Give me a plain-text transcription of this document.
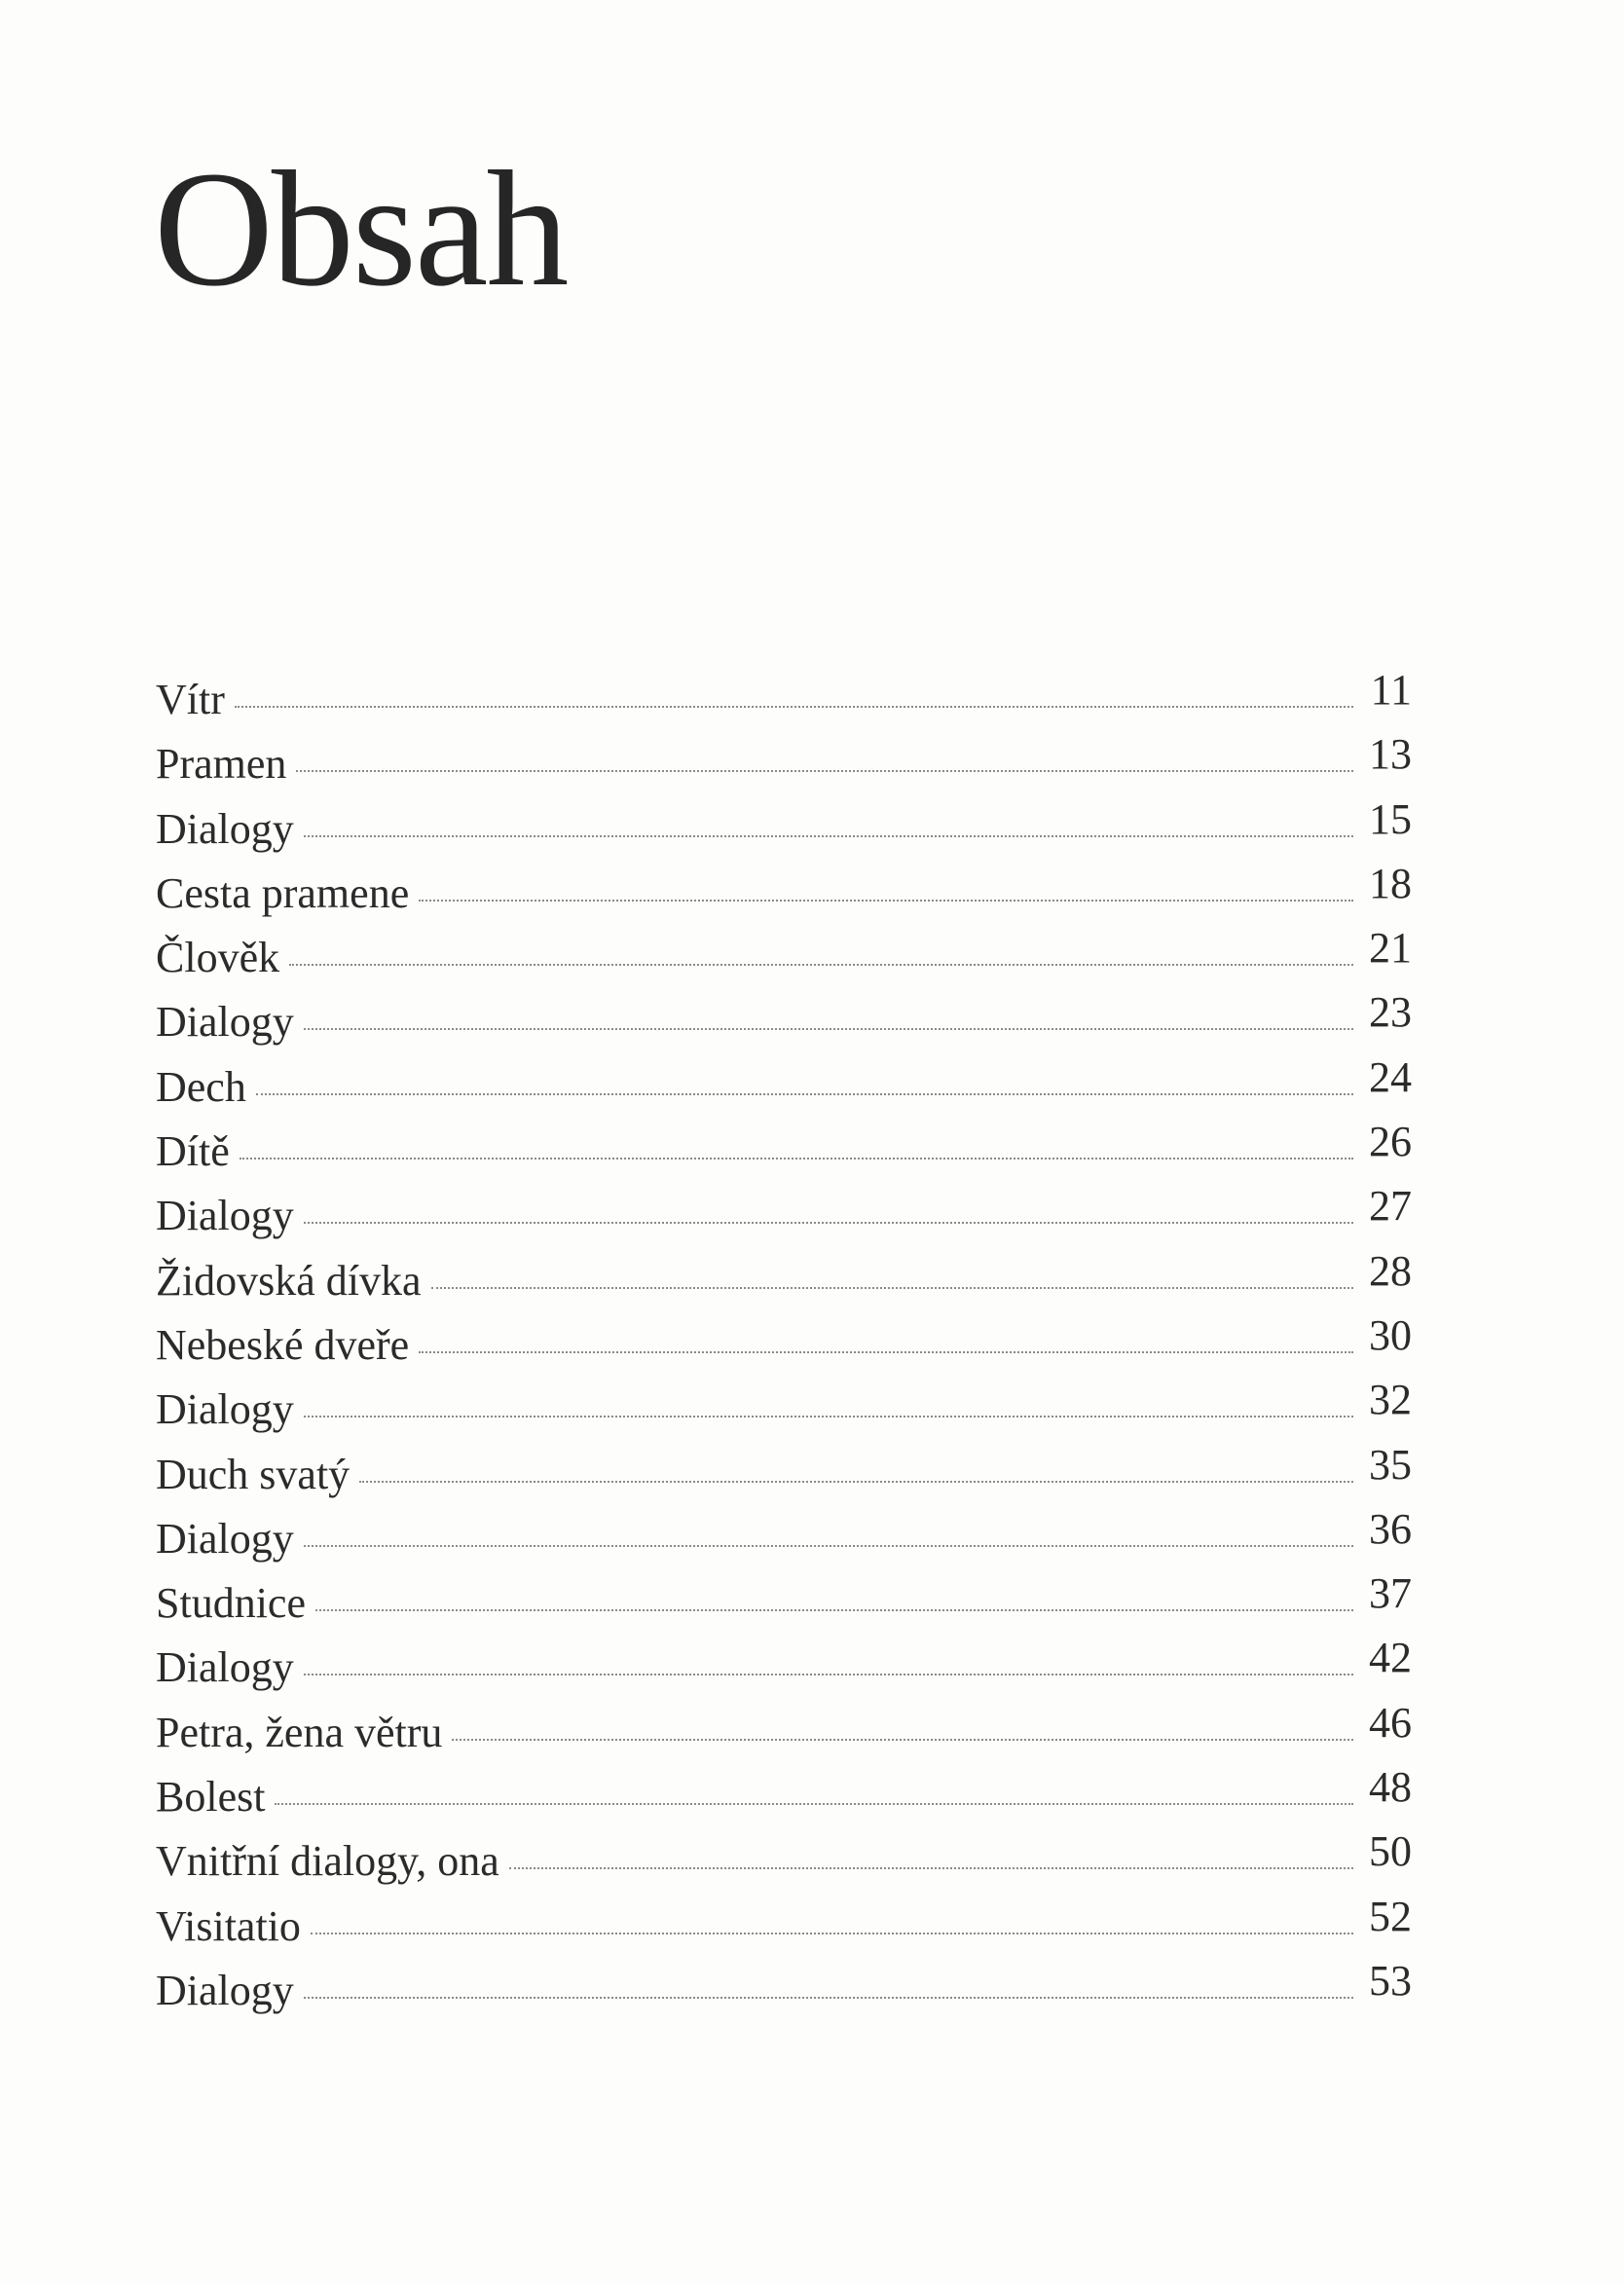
Obsah
Vítr	11
Pramen	13
Dialogy	15
Cesta pramene	18
Člověk	21
Dialogy	23
Dech	24
Dítě	26
Dialogy	27
Židovská dívka	28
Nebeské dveře	30
Dialogy	32
Duch svatý	35
Dialogy	36
Studnice	37
Dialogy	42
Petra, žena větru	46
Bolest	48
Vnitřní dialogy, ona	50
Visitatio	52
Dialogy	53
